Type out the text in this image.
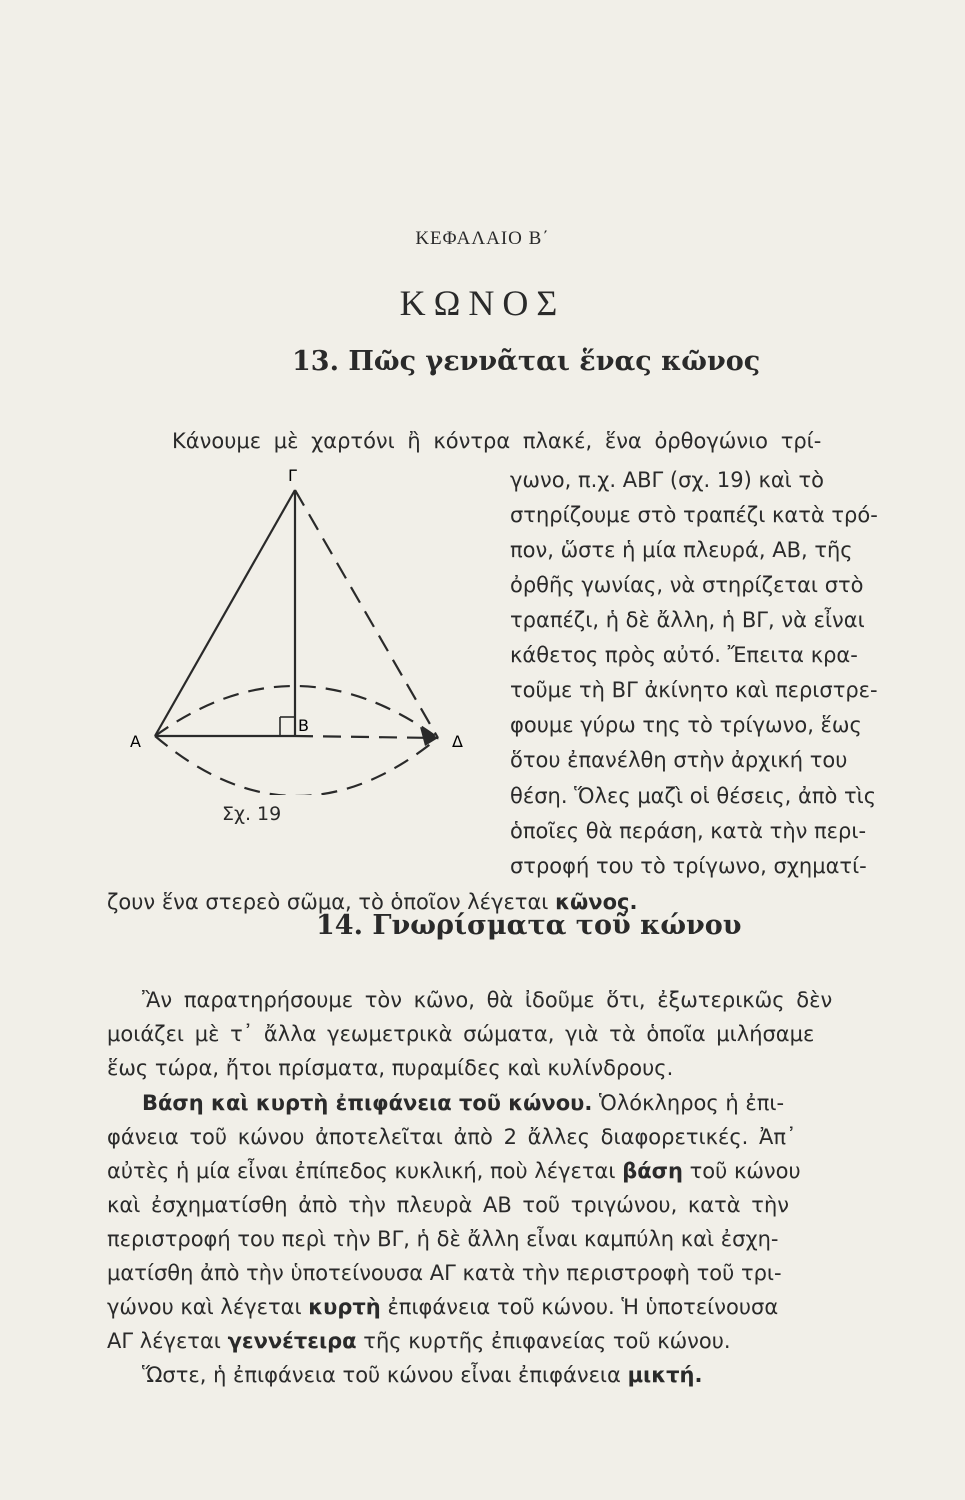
ΚΕΦΑΛΑΙΟ Β΄
ΚΩΝΟΣ
13. Πῶς γεννᾶται ἕνας κῶνος
Κάνουμε μὲ χαρτόνι ἢ κόντρα πλακέ, ἕνα ὀρθογώνιο τρί-
γωνο, π.χ. ΑΒΓ (σχ. 19) καὶ τὸ
στηρίζουμε στὸ τραπέζι κατὰ τρό-
πον, ὥστε ἡ μία πλευρά, ΑΒ, τῆς
ὀρθῆς γωνίας, νὰ στηρίζεται στὸ
τραπέζι, ἡ δὲ ἄλλη, ἡ ΒΓ, νὰ εἶναι
κάθετος πρὸς αὐτό. Ἔπειτα κρα-
τοῦμε τὴ ΒΓ ἀκίνητο καὶ περιστρε-
φουμε γύρω της τὸ τρίγωνο, ἕως
ὅτου ἐπανέλθη στὴν ἀρχική του
θέση. Ὅλες μαζὶ οἱ θέσεις, ἀπὸ τὶς
ὁποῖες θὰ περάση, κατὰ τὴν περι-
στροφή του τὸ τρίγωνο, σχηματί-
ζουν ἕνα στερεὸ σῶμα, τὸ ὁποῖον λέγεται κῶνος.
Γ
Β
Α	Δ
Σχ. 19
14. Γνωρίσματα τοῦ κώνου
Ἂν παρατηρήσουμε τὸν κῶνο, θὰ ἰδοῦμε ὅτι, ἐξωτερικῶς δὲν
μοιάζει μὲ τ᾽ ἄλλα γεωμετρικὰ σώματα, γιὰ τὰ ὁποῖα μιλήσαμε
ἕως τώρα, ἤτοι πρίσματα, πυραμίδες καὶ κυλίνδρους.
Βάση καὶ κυρτὴ ἐπιφάνεια τοῦ κώνου. Ὁλόκληρος ἡ ἐπι-
φάνεια τοῦ κώνου ἀποτελεῖται ἀπὸ 2 ἄλλες διαφορετικές. Ἀπ᾽
αὐτὲς ἡ μία εἶναι ἐπίπεδος κυκλική, ποὺ λέγεται βάση τοῦ κώνου
καὶ ἐσχηματίσθη ἀπὸ τὴν πλευρὰ ΑΒ τοῦ τριγώνου, κατὰ τὴν
περιστροφή του περὶ τὴν ΒΓ, ἡ δὲ ἄλλη εἶναι καμπύλη καὶ ἐσχη-
ματίσθη ἀπὸ τὴν ὑποτείνουσα ΑΓ κατὰ τὴν περιστροφὴ τοῦ τρι-
γώνου καὶ λέγεται κυρτὴ ἐπιφάνεια τοῦ κώνου. Ἡ ὑποτείνουσα
ΑΓ λέγεται γεννέτειρα τῆς κυρτῆς ἐπιφανείας τοῦ κώνου.
Ὥστε, ἡ ἐπιφάνεια τοῦ κώνου εἶναι ἐπιφάνεια μικτή.
